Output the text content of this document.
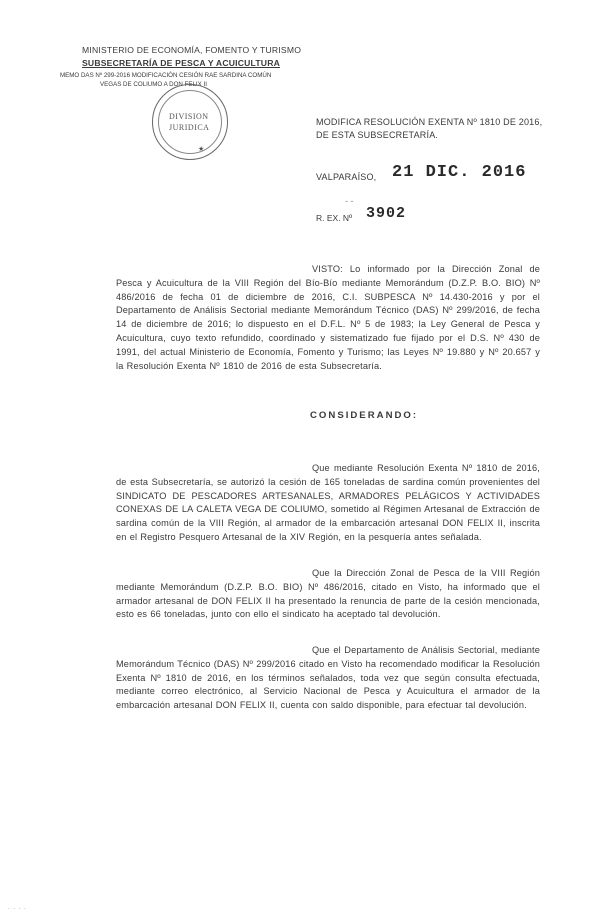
MINISTERIO DE ECONOMÍA, FOMENTO Y TURISMO
SUBSECRETARÍA DE PESCA Y ACUICULTURA
MEMO DAS Nº 299-2016 MODIFICACIÓN CESIÓN RAE SARDINA COMÚN
VEGAS DE COLIUMO A DON FELIX II
DIVISION
JURIDICA
★
MODIFICA RESOLUCIÓN EXENTA Nº 1810 DE 2016, DE ESTA SUBSECRETARÍA.
VALPARAÍSO, 21 DIC. 2016
R. EX. Nº
- -
3902
VISTO: Lo informado por la Dirección Zonal de Pesca y Acuicultura de la VIII Región del Bío-Bío mediante Memorándum (D.Z.P. B.O. BIO) Nº 486/2016 de fecha 01 de diciembre de 2016, C.I. SUBPESCA Nº 14.430-2016 y por el Departamento de Análisis Sectorial mediante Memorándum Técnico (DAS) Nº 299/2016, de fecha 14 de diciembre de 2016; lo dispuesto en el D.F.L. Nº 5 de 1983; la Ley General de Pesca y Acuicultura, cuyo texto refundido, coordinado y sistematizado fue fijado por el D.S. Nº 430 de 1991, del actual Ministerio de Economía, Fomento y Turismo; las Leyes Nº 19.880 y Nº 20.657 y la Resolución Exenta Nº 1810 de 2016 de esta Subsecretaría.
CONSIDERANDO:
Que mediante Resolución Exenta Nº 1810 de 2016, de esta Subsecretaría, se autorizó la cesión de 165 toneladas de sardina común provenientes del SINDICATO DE PESCADORES ARTESANALES, ARMADORES PELÁGICOS Y ACTIVIDADES CONEXAS DE LA CALETA VEGA DE COLIUMO, sometido al Régimen Artesanal de Extracción de sardina común de la VIII Región, al armador de la embarcación artesanal DON FELIX II, inscrita en el Registro Pesquero Artesanal de la XIV Región, en la pesquería antes señalada.
Que la Dirección Zonal de Pesca de la VIII Región mediante Memorándum (D.Z.P. B.O. BIO) Nº 486/2016, citado en Visto, ha informado que el armador artesanal de DON FELIX II ha presentado la renuncia de parte de la cesión mencionada, esto es 66 toneladas, junto con ello el sindicato ha aceptado tal devolución.
Que el Departamento de Análisis Sectorial, mediante Memorándum Técnico (DAS) Nº 299/2016 citado en Visto ha recomendado modificar la Resolución Exenta Nº 1810 de 2016, en los términos señalados, toda vez que según consulta efectuada, mediante correo electrónico, al Servicio Nacional de Pesca y Acuicultura el armador de la embarcación artesanal DON FELIX II, cuenta con saldo disponible, para efectuar tal devolución.
. . . .
